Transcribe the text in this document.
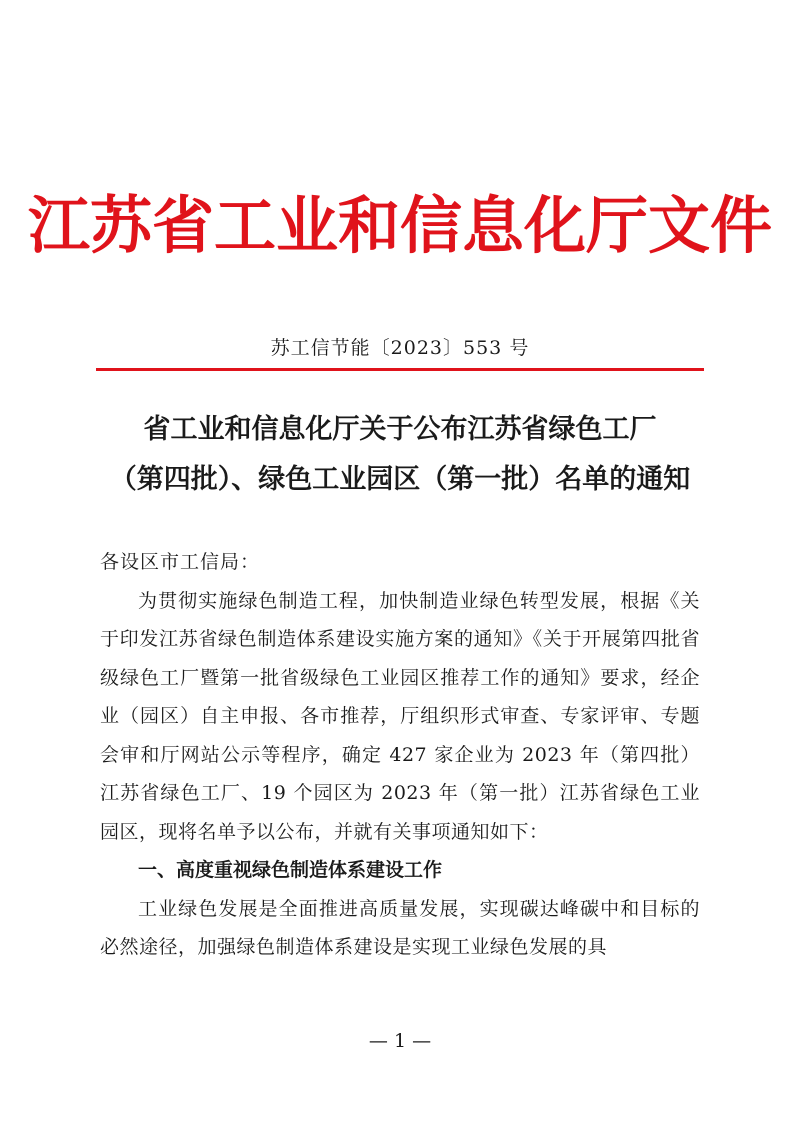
江苏省工业和信息化厅文件
苏工信节能〔2023〕553 号
省工业和信息化厅关于公布江苏省绿色工厂
（第四批）、绿色工业园区（第一批）名单的通知

各设区市工信局：

为贯彻实施绿色制造工程，加快制造业绿色转型发展，根据《关于印发江苏省绿色制造体系建设实施方案的通知》《关于开展第四批省级绿色工厂暨第一批省级绿色工业园区推荐工作的通知》要求，经企业（园区）自主申报、各市推荐，厅组织形式审查、专家评审、专题会审和厅网站公示等程序，确定 427 家企业为 2023 年（第四批）江苏省绿色工厂、19 个园区为 2023 年（第一批）江苏省绿色工业园区，现将名单予以公布，并就有关事项通知如下：

一、高度重视绿色制造体系建设工作

工业绿色发展是全面推进高质量发展，实现碳达峰碳中和目标的必然途径，加强绿色制造体系建设是实现工业绿色发展的具

— 1 —
